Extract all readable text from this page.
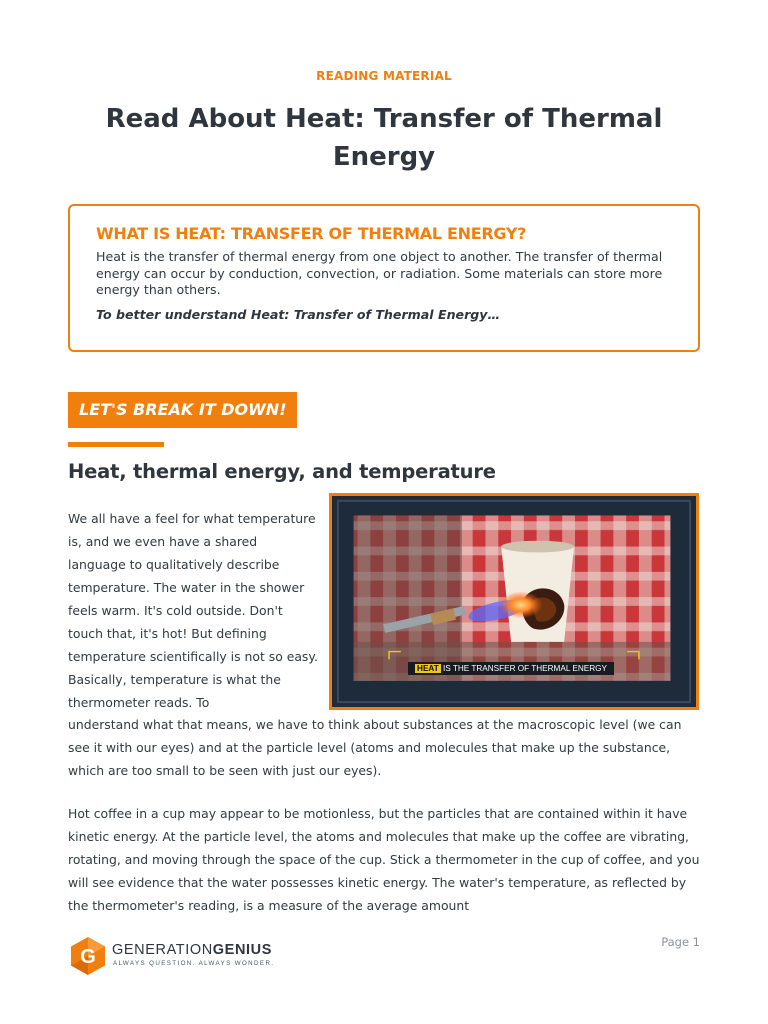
READING MATERIAL
Read About Heat: Transfer of Thermal Energy
WHAT IS HEAT: TRANSFER OF THERMAL ENERGY?

Heat is the transfer of thermal energy from one object to another. The transfer of thermal energy can occur by conduction, convection, or radiation. Some materials can store more energy than others.

To better understand Heat: Transfer of Thermal Energy…

LET'S BREAK IT DOWN!
Heat, thermal energy, and temperature
HEAT IS THE TRANSFER OF THERMAL ENERGY

We all have a feel for what temperature is, and we even have a shared language to qualitatively describe temperature. The water in the shower feels warm. It's cold outside. Don't touch that, it's hot! But defining temperature scientifically is not so easy. Basically, temperature is what the thermometer reads. To

understand what that means, we have to think about substances at the macroscopic level (we can see it with our eyes) and at the particle level (atoms and molecules that make up the substance, which are too small to be seen with just our eyes).

Hot coffee in a cup may appear to be motionless, but the particles that are contained within it have kinetic energy. At the particle level, the atoms and molecules that make up the coffee are vibrating, rotating, and moving through the space of the cup. Stick a thermometer in the cup of coffee, and you will see evidence that the water possesses kinetic energy. The water's temperature, as reflected by the thermometer's reading, is a measure of the average amount

G GENERATIONGENIUS
ALWAYS QUESTION. ALWAYS WONDER.
Page 1
